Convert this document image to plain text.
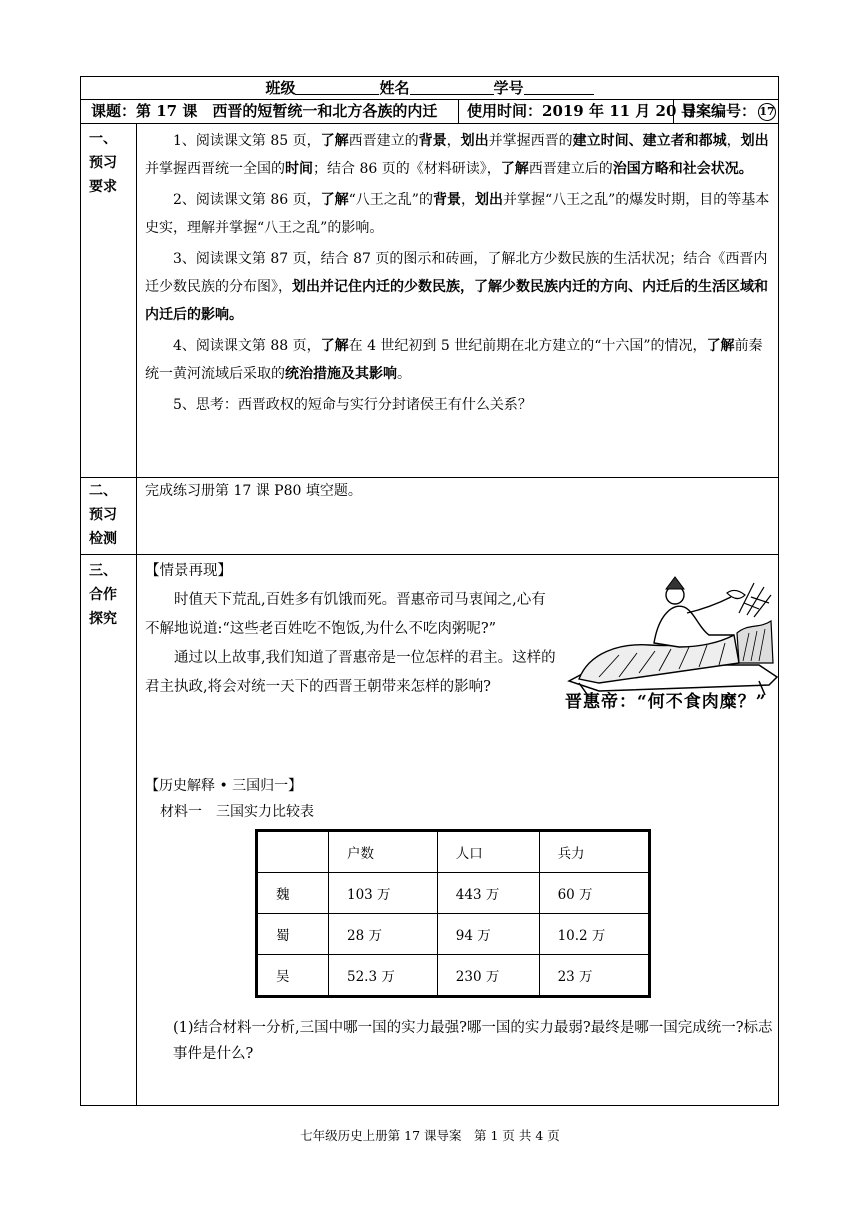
班级	姓名	学号
课题：第 17 课　西晋的短暂统一和北方各族的内迁 使用时间：2019 年 11 月 20 日
导案编号： 17
一、
预习
要求

1、阅读课文第 85 页，了解西晋建立的背景，划出并掌握西晋的建立时间、建立者和都城，划出并掌握西晋统一全国的时间；结合 86 页的《材料研读》，了解西晋建立后的治国方略和社会状况。

2、阅读课文第 86 页，了解“八王之乱”的背景，划出并掌握“八王之乱”的爆发时期，目的等基本史实，理解并掌握“八王之乱”的影响。

3、阅读课文第 87 页，结合 87 页的图示和砖画，了解北方少数民族的生活状况；结合《西晋内迁少数民族的分布图》，划出并记住内迁的少数民族，了解少数民族内迁的方向、内迁后的生活区域和内迁后的影响。

4、阅读课文第 88 页，了解在 4 世纪初到 5 世纪前期在北方建立的“十六国”的情况，了解前秦统一黄河流域后采取的统治措施及其影响。

5、思考：西晋政权的短命与实行分封诸侯王有什么关系？

二、
预习
检测
完成练习册第 17 课 P80 填空题。
三、
合作
探究

【情景再现】

时值天下荒乱,百姓多有饥饿而死。晋惠帝司马衷闻之,心有不解地说道:“这些老百姓吃不饱饭,为什么不吃肉粥呢?”

通过以上故事,我们知道了晋惠帝是一位怎样的君主。这样的君主执政,将会对统一天下的西晋王朝带来怎样的影响?

晋惠帝：“何不食肉糜？”
【历史解释 • 三国归一】
材料一　三国实力比较表
	户数	人口	兵力
魏	103 万	443 万	60 万
蜀	28 万	94 万	10.2 万
吴	52.3 万	230 万	23 万
(1)结合材料一分析,三国中哪一国的实力最强?哪一国的实力最弱?最终是哪一国完成统一?标志事件是什么?
七年级历史上册第 17 课导案　第 1 页 共 4 页
